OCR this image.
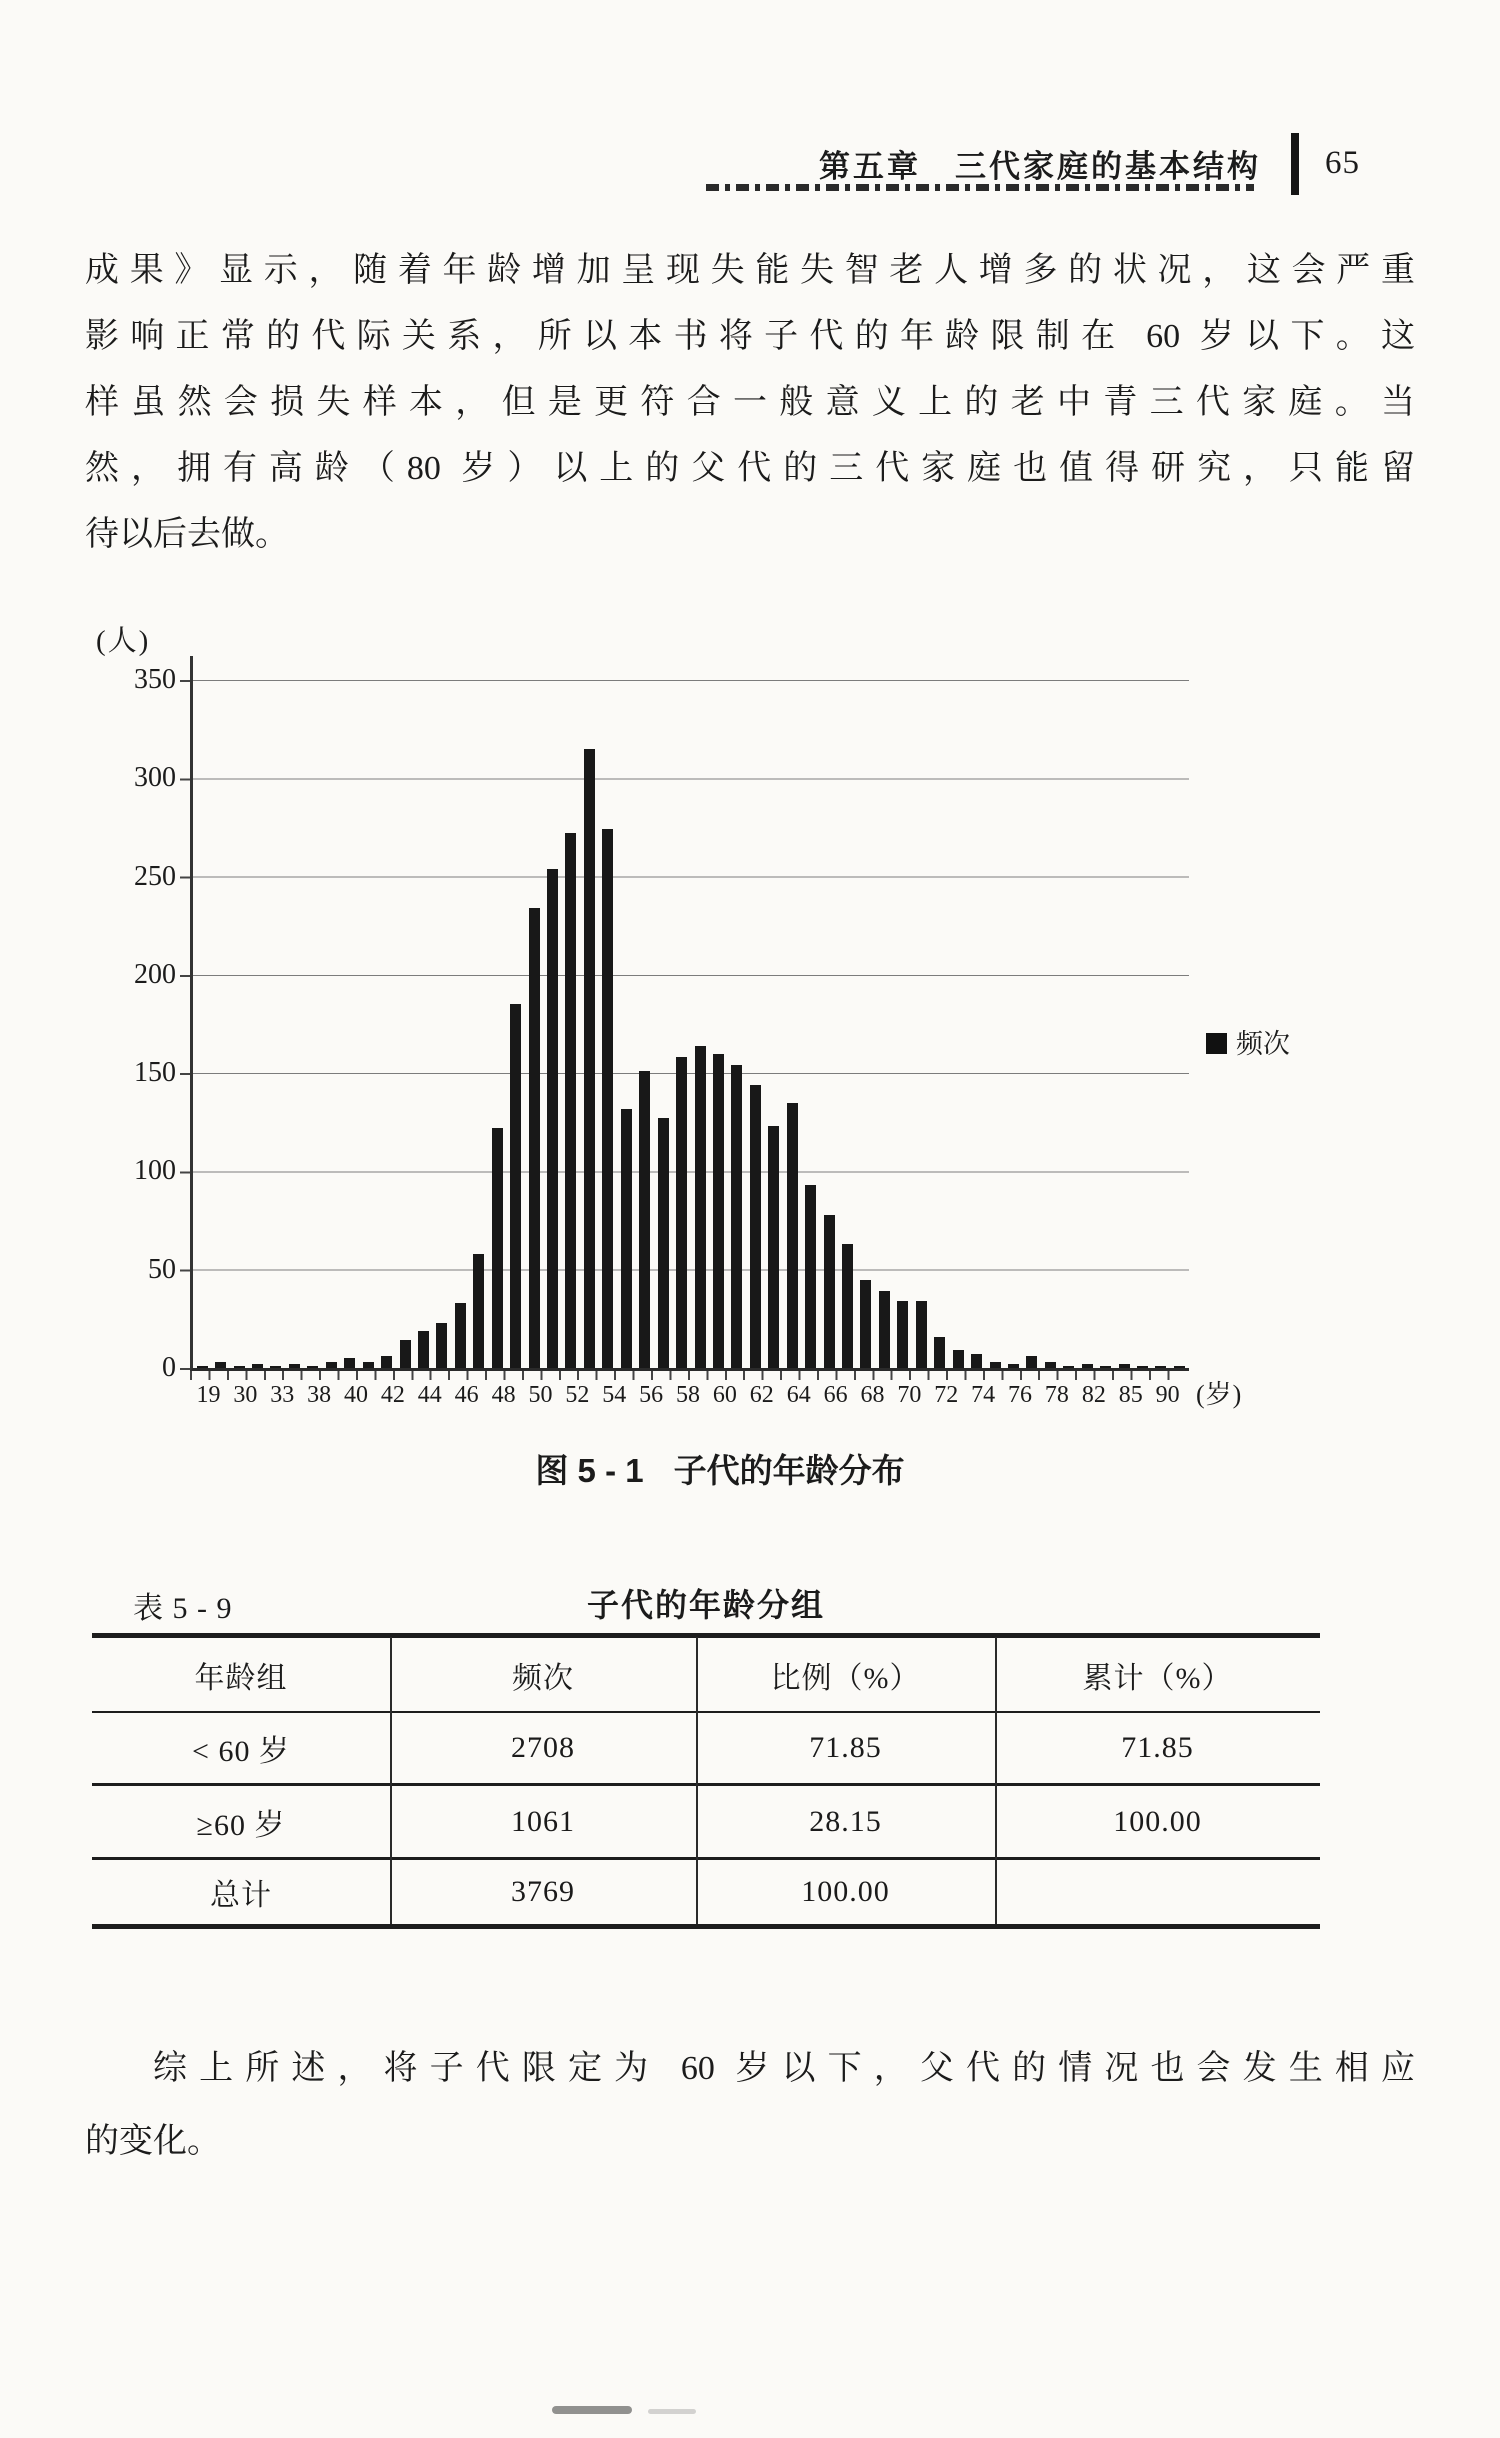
第五章　三代家庭的基本结构 65
成果》显示，随着年龄增加呈现失能失智老人增多的状况，这会严重
影响正常的代际关系，所以本书将子代的年龄限制在 60 岁以下。这
样虽然会损失样本，但是更符合一般意义上的老中青三代家庭。当
然，拥有高龄（80 岁）以上的父代的三代家庭也值得研究，只能留
待以后去做。
(人)
350
300
250
200
150
100
50
0
19 30 33 38 40 42 44 46 48 50 52 54 56 58 60 62 64 66 68 70 72 74 76 78 82 85 90 (岁)
频次
图 5 - 1 子代的年龄分布
表 5 - 9	子代的年龄分组
年龄组	频次	比例（%）	累计（%）
< 60 岁	2708	71.85	71.85
≥60 岁	1061	28.15	100.00
总计	3769	100.00
综上所述，将子代限定为 60 岁以下，父代的情况也会发生相应
的变化。
